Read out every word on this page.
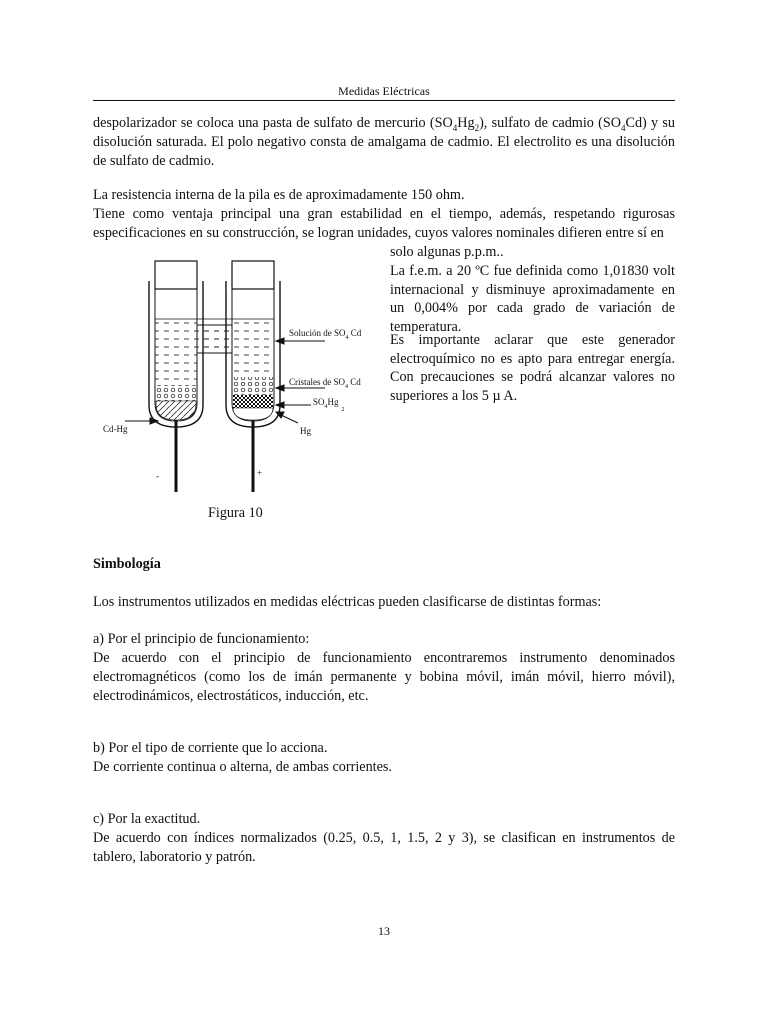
Medidas Eléctricas
despolarizador se coloca una pasta de sulfato de mercurio $(SO_4Hg_2)$, sulfato de cadmio $(SO_4Cd)$ y su disolución saturada. El polo negativo consta de amalgama de cadmio. El electrolito es una disolución de sulfato de cadmio.
La resistencia interna de la pila es de aproximadamente 150 ohm.
Tiene como ventaja principal una gran estabilidad en el tiempo, además, respetando rigurosas especificaciones en su construcción, se logran unidades, cuyos valores nominales difieren entre sí en
solo algunas p.p.m..
La f.e.m. a 20 ºC fue definida como 1,01830 volt internacional y disminuye aproximadamente en un 0,004% por cada grado de variación de temperatura.
Es importante aclarar que este generador electroquímico no es apto para entregar energía. Con precauciones se podrá alcanzar valores no superiores a los 5 µ A.
Solución de $SO_4$ Cd
Cristales de $SO_4$ Cd
$SO_4Hg_2$
Cd-Hg	Hg
-	+
Figura 10
Simbología
Los instrumentos utilizados en medidas eléctricas pueden clasificarse de distintas formas:
a) Por el principio de funcionamiento:
De acuerdo con el principio de funcionamiento encontraremos instrumento denominados electromagnéticos (como los de imán permanente y bobina móvil, imán móvil, hierro móvil), electrodinámicos, electrostáticos, inducción, etc.
b) Por el tipo de corriente que lo acciona.
De corriente continua o alterna, de ambas corrientes.
c) Por la exactitud.
De acuerdo con índices normalizados (0.25, 0.5, 1, 1.5, 2 y 3), se clasifican en instrumentos de tablero, laboratorio y patrón.
13
